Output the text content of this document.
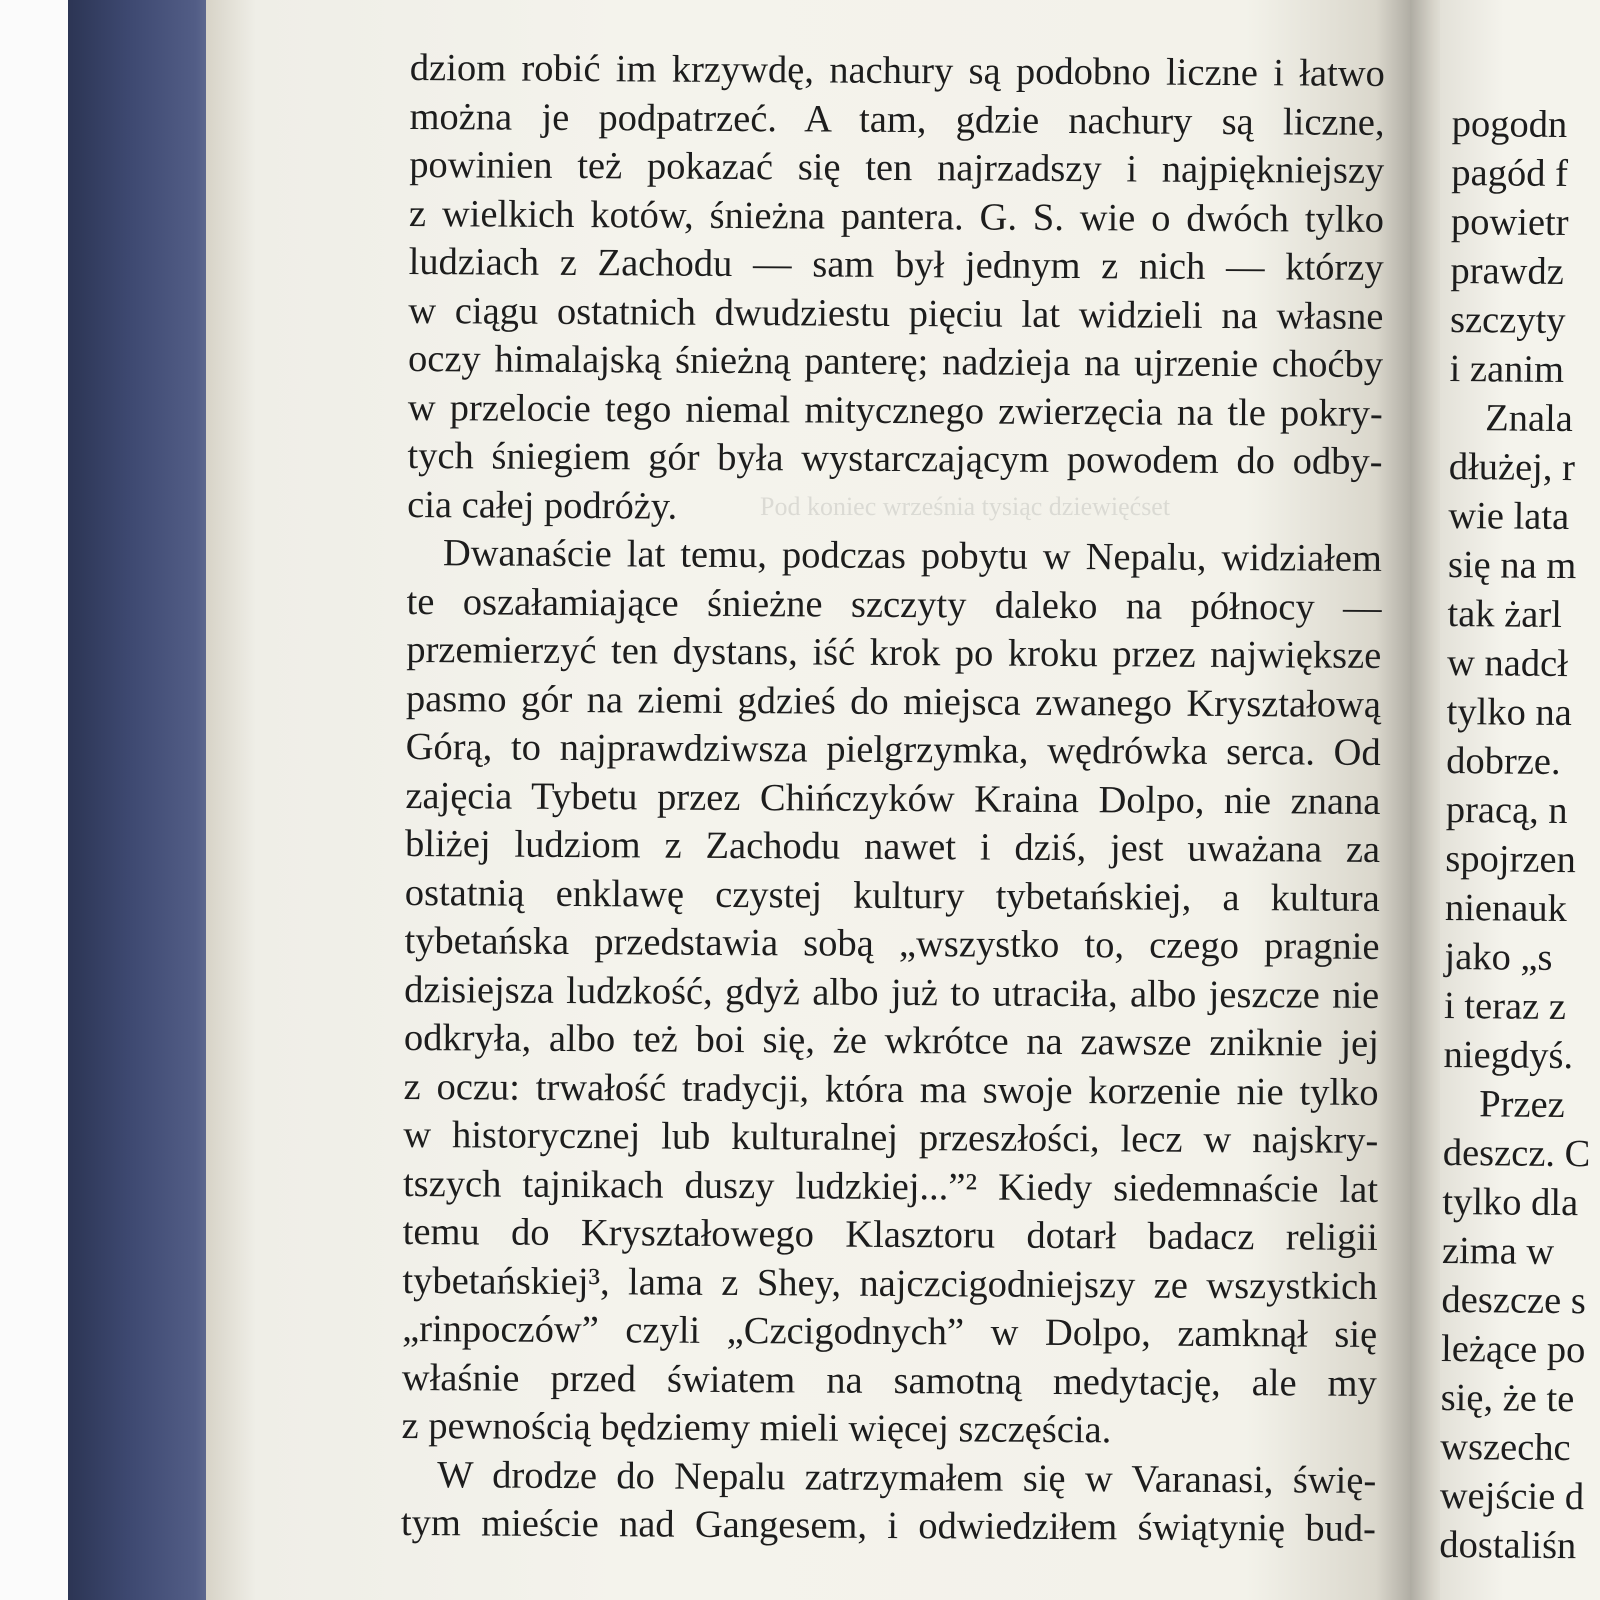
Pod koniec września tysiąc dziewięćset
dziom robić im krzywdę, nachury są podobno liczne i łatwo
można je podpatrzeć. A tam, gdzie nachury są liczne,
powinien też pokazać się ten najrzadszy i najpiękniejszy
z wielkich kotów, śnieżna pantera. G. S. wie o dwóch tylko
ludziach z Zachodu — sam był jednym z nich — którzy
w ciągu ostatnich dwudziestu pięciu lat widzieli na własne
oczy himalajską śnieżną panterę; nadzieja na ujrzenie choćby
w przelocie tego niemal mitycznego zwierzęcia na tle pokry-
tych śniegiem gór była wystarczającym powodem do odby-
cia całej podróży.
Dwanaście lat temu, podczas pobytu w Nepalu, widziałem
te oszałamiające śnieżne szczyty daleko na północy —
przemierzyć ten dystans, iść krok po kroku przez największe
pasmo gór na ziemi gdzieś do miejsca zwanego Kryształową
Górą, to najprawdziwsza pielgrzymka, wędrówka serca. Od
zajęcia Tybetu przez Chińczyków Kraina Dolpo, nie znana
bliżej ludziom z Zachodu nawet i dziś, jest uważana za
ostatnią enklawę czystej kultury tybetańskiej, a kultura
tybetańska przedstawia sobą „wszystko to, czego pragnie
dzisiejsza ludzkość, gdyż albo już to utraciła, albo jeszcze nie
odkryła, albo też boi się, że wkrótce na zawsze zniknie jej
z oczu: trwałość tradycji, która ma swoje korzenie nie tylko
w historycznej lub kulturalnej przeszłości, lecz w najskry-
tszych tajnikach duszy ludzkiej...”² Kiedy siedemnaście lat
temu do Kryształowego Klasztoru dotarł badacz religii
tybetańskiej³, lama z Shey, najczcigodniejszy ze wszystkich
„rinpoczów” czyli „Czcigodnych” w Dolpo, zamknął się
właśnie przed światem na samotną medytację, ale my
z pewnością będziemy mieli więcej szczęścia.
W drodze do Nepalu zatrzymałem się w Varanasi, świę-
tym mieście nad Gangesem, i odwiedziłem świątynię bud-
pogodn
pagód f
powietr
prawdz
szczyty
i zanim
Znala
dłużej, r
wie lata
się na m
tak żarl
w nadcł
tylko na
dobrze.
pracą, n
spojrzen
nienauk
jako „s
i teraz z
niegdyś.
Przez
deszcz. C
tylko dla
zima w
deszcze s
leżące po
się, że te
wszechc
wejście d
dostaliśn
